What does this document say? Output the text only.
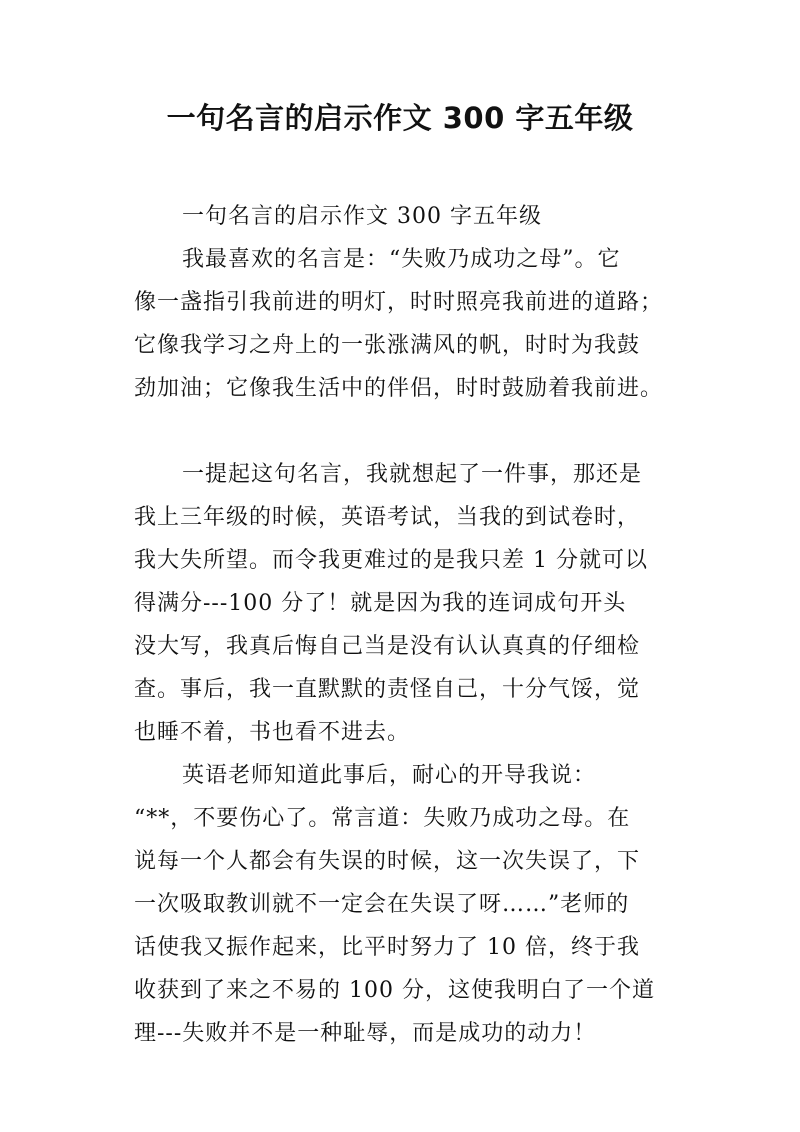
一句名言的启示作文 300 字五年级
一句名言的启示作文 300 字五年级
我最喜欢的名言是：“失败乃成功之母”。它
像一盏指引我前进的明灯，时时照亮我前进的道路；
它像我学习之舟上的一张涨满风的帆，时时为我鼓
劲加油；它像我生活中的伴侣，时时鼓励着我前进。
一提起这句名言，我就想起了一件事，那还是
我上三年级的时候，英语考试，当我的到试卷时，
我大失所望。而令我更难过的是我只差 1 分就可以
得满分---100 分了！就是因为我的连词成句开头
没大写，我真后悔自己当是没有认认真真的仔细检
查。事后，我一直默默的责怪自己，十分气馁，觉
也睡不着，书也看不进去。
英语老师知道此事后，耐心的开导我说：
“**，不要伤心了。常言道：失败乃成功之母。在
说每一个人都会有失误的时候，这一次失误了，下
一次吸取教训就不一定会在失误了呀……”老师的
话使我又振作起来，比平时努力了 10 倍，终于我
收获到了来之不易的 100 分，这使我明白了一个道
理---失败并不是一种耻辱，而是成功的动力！
